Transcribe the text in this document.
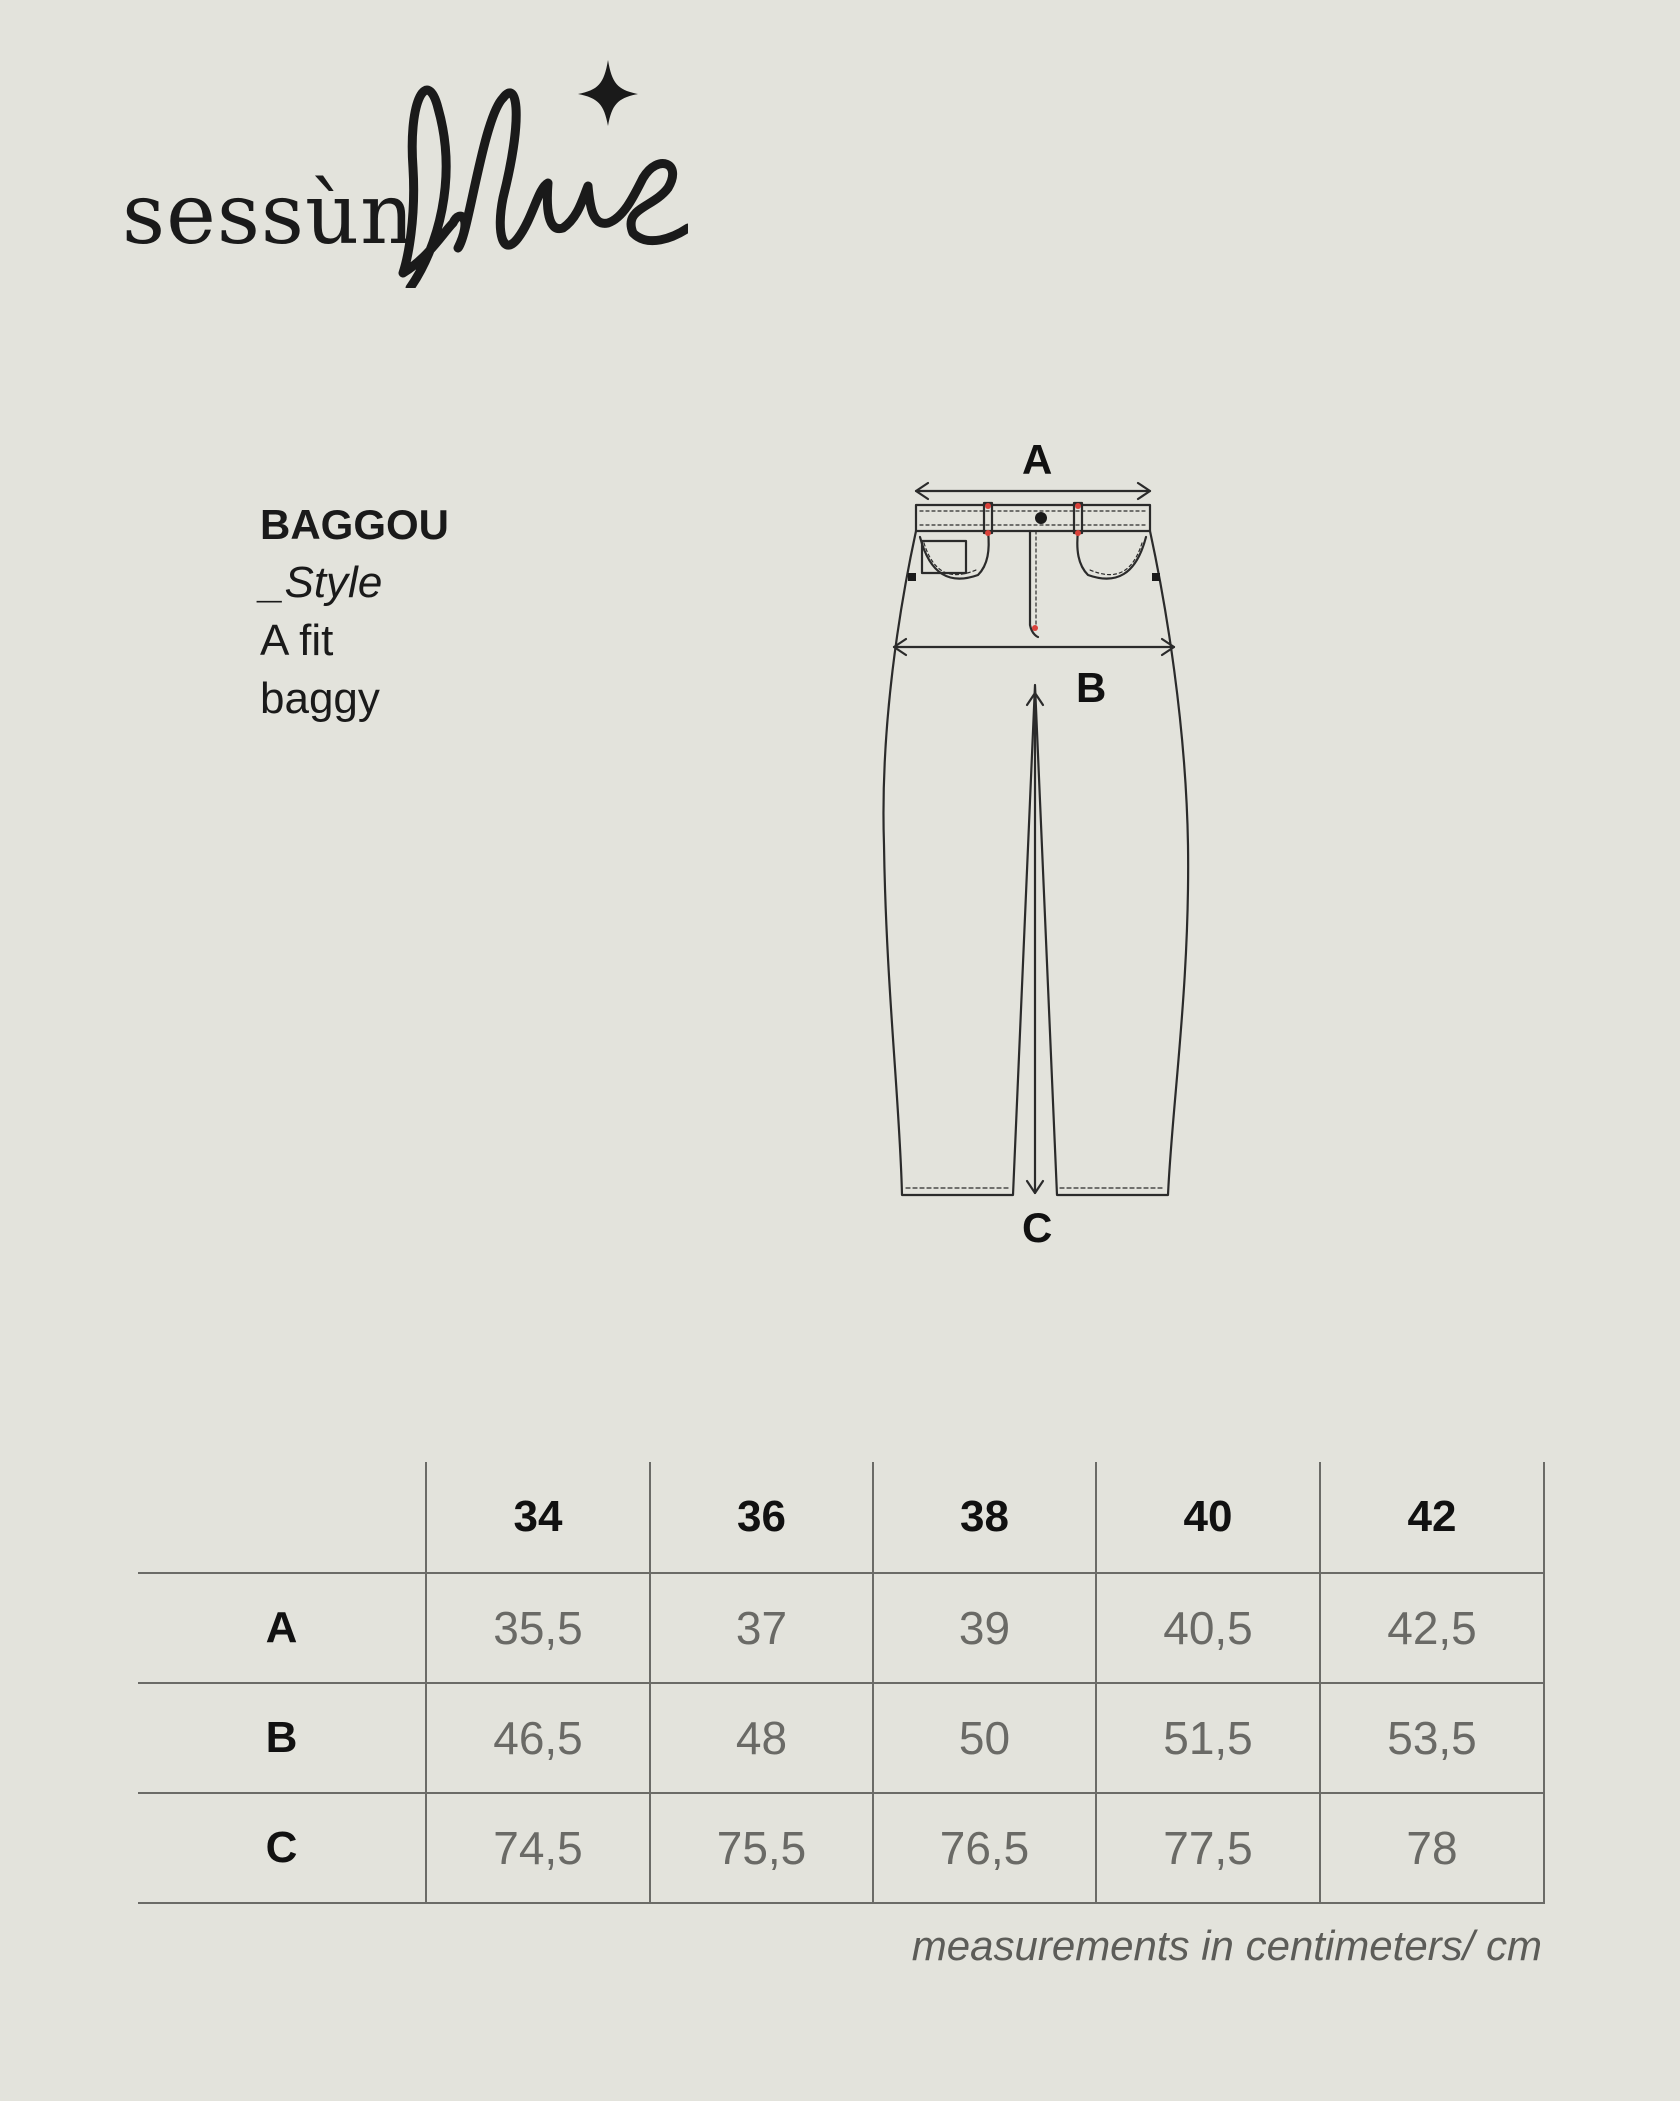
sessùn
BAGGOU
_Style
A fit
baggy
A
B
C
	34	36	38	40	42
A	35,5	37	39	40,5	42,5
B	46,5	48	50	51,5	53,5
C	74,5	75,5	76,5	77,5	78
measurements in centimeters/ cm
